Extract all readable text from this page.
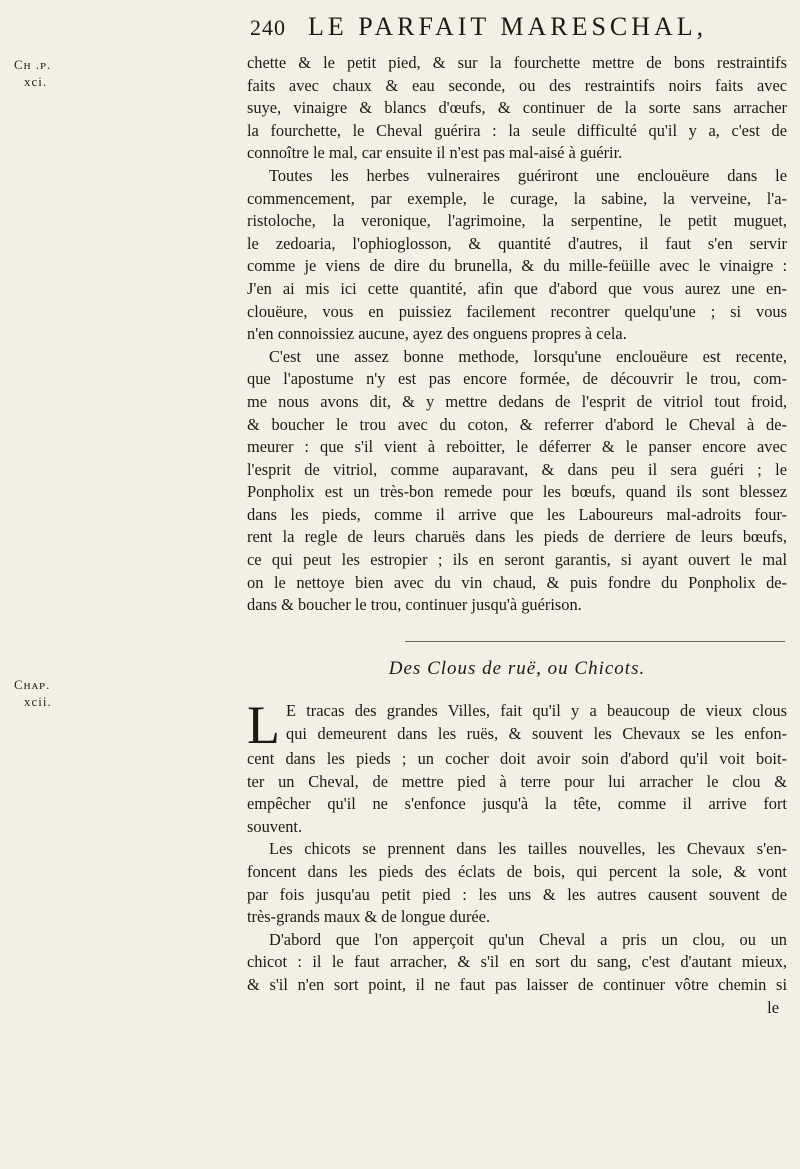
240 LE PARFAIT MARESCHAL,
Cʜ .ᴘ.
xci.
Cʜᴀᴘ.
xcii.
chette & le petit pied, & sur la fourchette mettre de bons restraintifs
faits avec chaux & eau seconde, ou des restraintifs noirs faits avec
suye, vinaigre & blancs d'œufs, & continuer de la sorte sans arracher
la fourchette, le Cheval guérira : la seule difficulté qu'il y a, c'est de
connoître le mal, car ensuite il n'est pas mal-aisé à guérir.
Toutes les herbes vulneraires guériront une enclouëure dans le
commencement, par exemple, le curage, la sabine, la verveine, l'a-
ristoloche, la veronique, l'agrimoine, la serpentine, le petit muguet,
le zedoaria, l'ophioglosson, & quantité d'autres, il faut s'en servir
comme je viens de dire du brunella, & du mille-feüille avec le vinaigre :
J'en ai mis ici cette quantité, afin que d'abord que vous aurez une en-
clouëure, vous en puissiez facilement recontrer quelqu'une ; si vous
n'en connoissiez aucune, ayez des onguens propres à cela.
C'est une assez bonne methode, lorsqu'une enclouëure est recente,
que l'apostume n'y est pas encore formée, de découvrir le trou, com-
me nous avons dit, & y mettre dedans de l'esprit de vitriol tout froid,
& boucher le trou avec du coton, & referrer d'abord le Cheval à de-
meurer : que s'il vient à reboitter, le déferrer & le panser encore avec
l'esprit de vitriol, comme auparavant, & dans peu il sera guéri ; le
Ponpholix est un très-bon remede pour les bœufs, quand ils sont blessez
dans les pieds, comme il arrive que les Laboureurs mal-adroits four-
rent la regle de leurs charuës dans les pieds de derriere de leurs bœufs,
ce qui peut les estropier ; ils en seront garantis, si ayant ouvert le mal
on le nettoye bien avec du vin chaud, & puis fondre du Ponpholix de-
dans & boucher le trou, continuer jusqu'à guérison.
Des Clous de ruë, ou Chicots.
L E tracas des grandes Villes, fait qu'il y a beaucoup de vieux clous
qui demeurent dans les ruës, & souvent les Chevaux se les enfon-
cent dans les pieds ; un cocher doit avoir soin d'abord qu'il voit boit-
ter un Cheval, de mettre pied à terre pour lui arracher le clou &
empêcher qu'il ne s'enfonce jusqu'à la tête, comme il arrive fort
souvent.
Les chicots se prennent dans les tailles nouvelles, les Chevaux s'en-
foncent dans les pieds des éclats de bois, qui percent la sole, & vont
par fois jusqu'au petit pied : les uns & les autres causent souvent de
très-grands maux & de longue durée.
D'abord que l'on apperçoit qu'un Cheval a pris un clou, ou un
chicot : il le faut arracher, & s'il en sort du sang, c'est d'autant mieux,
& s'il n'en sort point, il ne faut pas laisser de continuer vôtre chemin si
le
